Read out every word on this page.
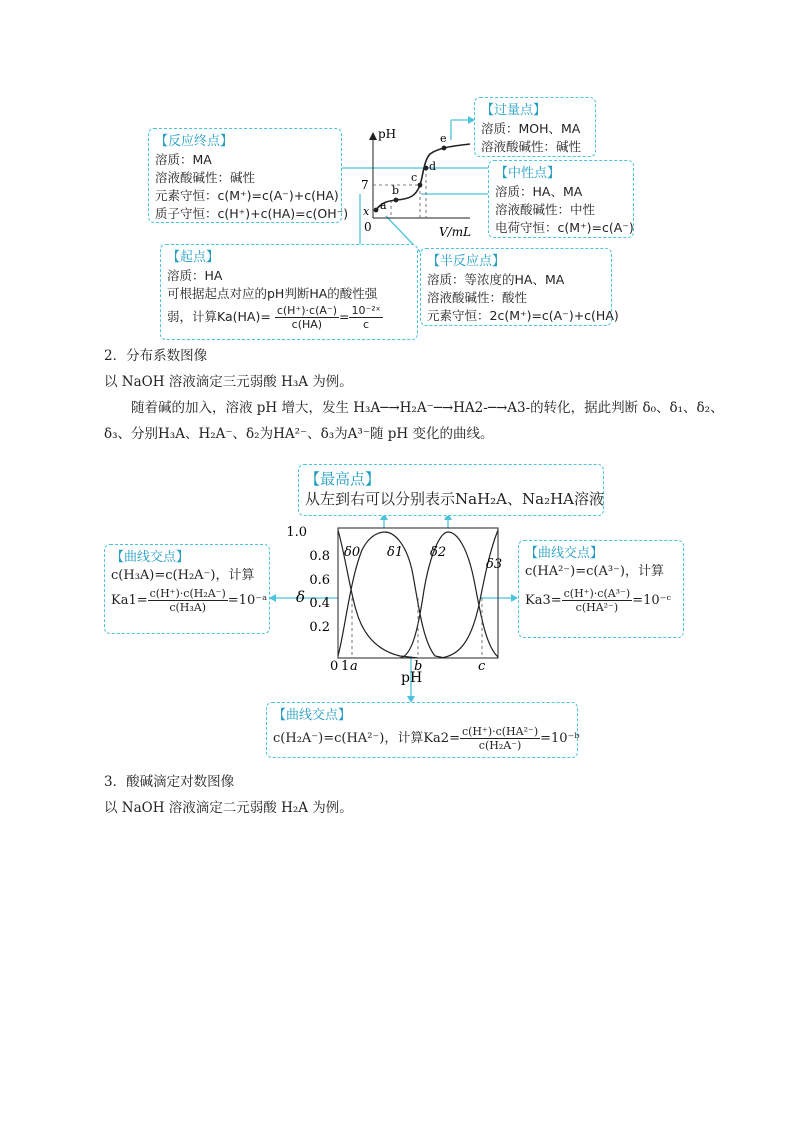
pH
V/mL
7
0
x a
b
c
d
e
【反应终点】
溶质：MA
溶液酸碱性：碱性
元素守恒：c(M⁺)=c(A⁻)+c(HA)
质子守恒：c(H⁺)+c(HA)=c(OH⁻)
【过量点】
溶质：MOH、MA
溶液酸碱性：碱性
【中性点】
溶质：HA、MA
溶液酸碱性：中性
电荷守恒：c(M⁺)=c(A⁻)
【起点】
溶质：HA
可根据起点对应的pH判断HA的酸性强
弱，计算$Ka(HA)= \frac{c(H^+)\cdot c(A^-)}{c(HA)} = \frac{\text{10⁻²ˣ}}{c}$
【半反应点】
溶质：等浓度的HA、MA
溶液酸碱性：酸性
元素守恒：2c(M⁺)=c(A⁻)+c(HA)
2．分布系数图像
以 NaOH 溶液滴定三元弱酸 H₃A 为例。
随着碱的加入，溶液 pH 增大，发生 H₃A─→H₂A⁻─→HA2-─→A3-的转化，据此判断 δ₀、δ₁、δ₂、
δ₃、分别H₃A、H₂A⁻、δ₂为HA²⁻、δ₃为A³⁻随 pH 变化的曲线。
1.0
0.8
0.6
0.4
0.2
0 1 a	b	c
δ
pH
δ0 δ1 δ2
δ3
【最高点】
从左到右可以分别表示NaH₂A、Na₂HA溶液
【曲线交点】
c(H₃A)=c(H₂A⁻)，计算
$Ka1= \frac{\text{c(H⁺)·c(H₂A⁻)}}{\text{c(H₃A)}}$ =10⁻ᵃ
【曲线交点】
c(HA²⁻)=c(A³⁻)，计算
$Ka3= \frac{\text{c(H⁺)·c(A³⁻)}}{\text{c(HA²⁻)}}$ =10⁻ᶜ
【曲线交点】
c(H₂A⁻)=c(HA²⁻)，计算$Ka2= \frac{\text{c(H⁺)·c(HA²⁻)}}{\text{c(H₂A⁻)}}$ =10⁻ᵇ
3．酸碱滴定对数图像
以 NaOH 溶液滴定二元弱酸 H₂A 为例。
